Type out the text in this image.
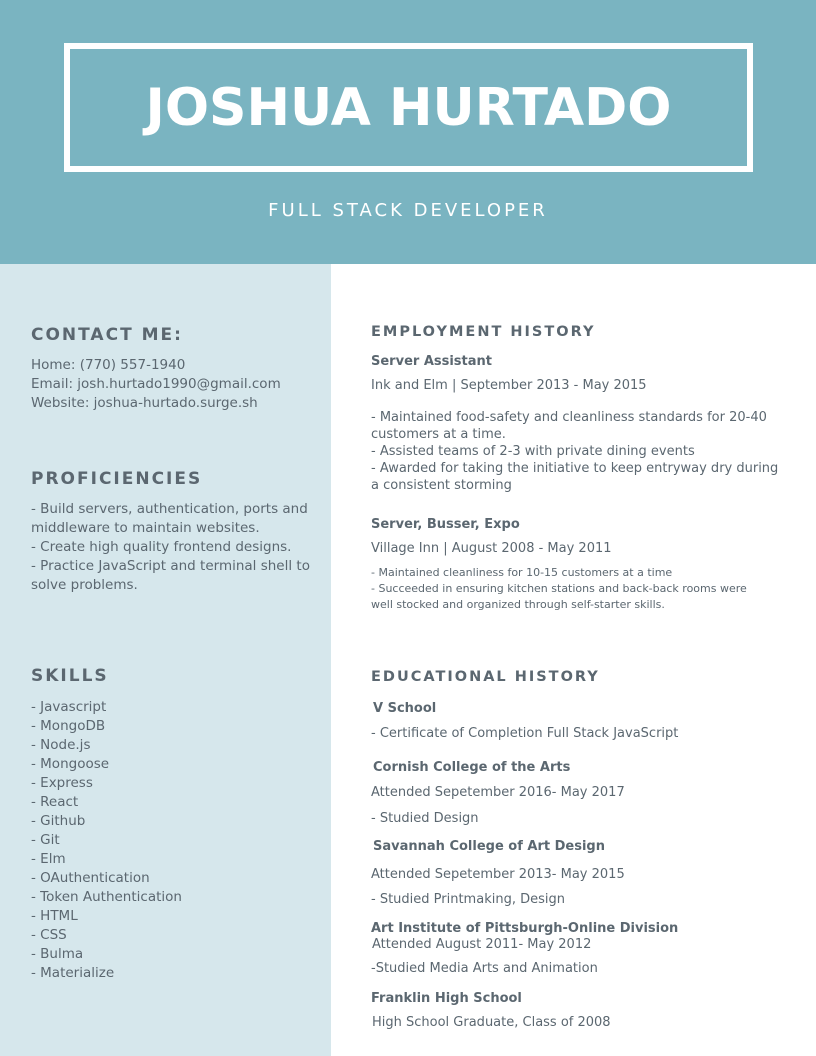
JOSHUA HURTADO
FULL STACK DEVELOPER
CONTACT ME:
Home: (770) 557-1940
Email: josh.hurtado1990@gmail.com
Website: joshua-hurtado.surge.sh
PROFICIENCIES
- Build servers, authentication, ports and middleware to maintain websites.
- Create high quality frontend designs.
- Practice JavaScript and terminal shell to solve problems.
SKILLS
- Javascript
- MongoDB
- Node.js
- Mongoose
- Express
- React
- Github
- Git
- Elm
- OAuthentication
- Token Authentication
- HTML
- CSS
- Bulma
- Materialize
EMPLOYMENT HISTORY
Server Assistant
Ink and Elm | September 2013 - May 2015
- Maintained food-safety and cleanliness standards for 20-40 customers at a time.
- Assisted teams of 2-3 with private dining events
- Awarded for taking the initiative to keep entryway dry during a consistent storming
Server, Busser, Expo
Village Inn | August 2008 - May 2011
- Maintained cleanliness for 10-15 customers at a time
- Succeeded in ensuring kitchen stations and back-back rooms were well stocked and organized through self-starter skills.
EDUCATIONAL HISTORY
V School
- Certificate of Completion Full Stack JavaScript
Cornish College of the Arts
Attended Sepetember 2016- May 2017
- Studied Design
Savannah College of Art Design
Attended Sepetember 2013- May 2015
- Studied Printmaking, Design
Art Institute of Pittsburgh-Online Division
Attended August 2011- May 2012
-Studied Media Arts and Animation
Franklin High School
High School Graduate, Class of 2008
